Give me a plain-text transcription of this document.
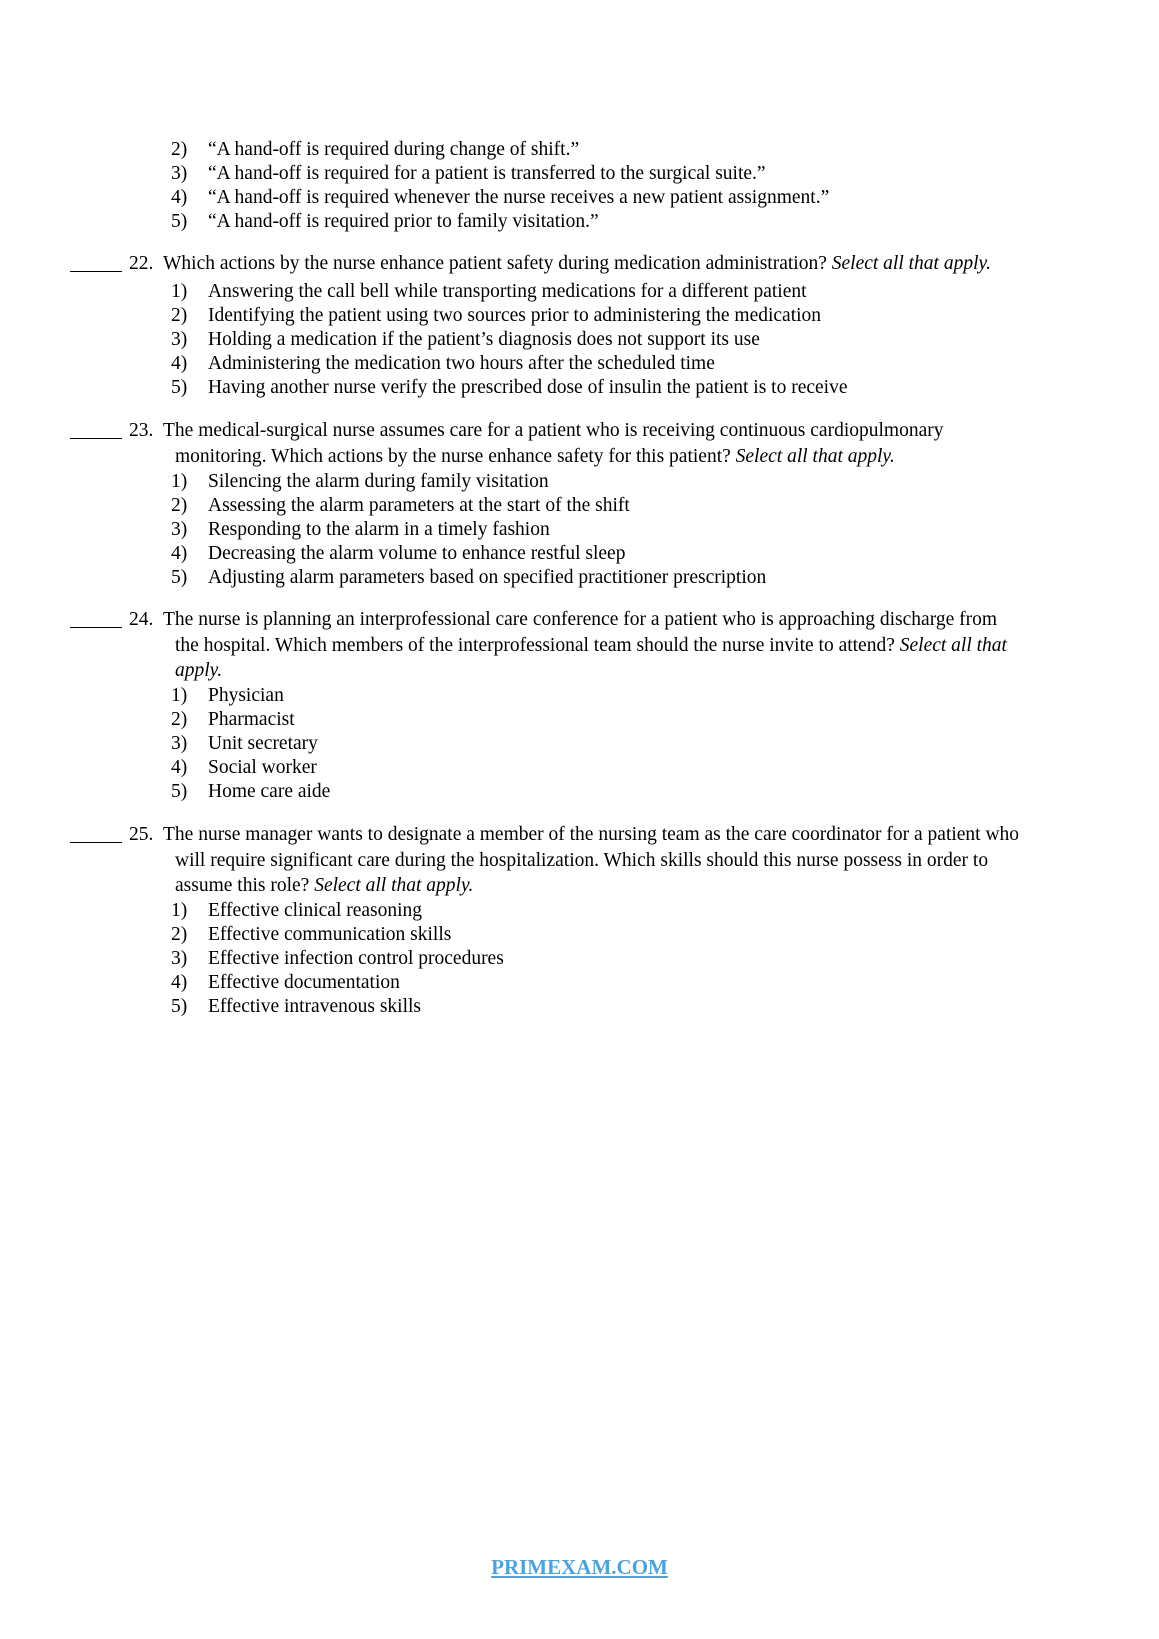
2) “A hand-off is required during change of shift.”
3) “A hand-off is required for a patient is transferred to the surgical suite.”
4) “A hand-off is required whenever the nurse receives a new patient assignment.”
5) “A hand-off is required prior to family visitation.”
22. Which actions by the nurse enhance patient safety during medication administration? Select all that apply.
1) Answering the call bell while transporting medications for a different patient
2) Identifying the patient using two sources prior to administering the medication
3) Holding a medication if the patient’s diagnosis does not support its use
4) Administering the medication two hours after the scheduled time
5) Having another nurse verify the prescribed dose of insulin the patient is to receive
23. The medical-surgical nurse assumes care for a patient who is receiving continuous cardiopulmonary
monitoring. Which actions by the nurse enhance safety for this patient? Select all that apply.
1) Silencing the alarm during family visitation
2) Assessing the alarm parameters at the start of the shift
3) Responding to the alarm in a timely fashion
4) Decreasing the alarm volume to enhance restful sleep
5) Adjusting alarm parameters based on specified practitioner prescription
24. The nurse is planning an interprofessional care conference for a patient who is approaching discharge from
the hospital. Which members of the interprofessional team should the nurse invite to attend? Select all that
apply.
1) Physician
2) Pharmacist
3) Unit secretary
4) Social worker
5) Home care aide
25. The nurse manager wants to designate a member of the nursing team as the care coordinator for a patient who
will require significant care during the hospitalization. Which skills should this nurse possess in order to
assume this role? Select all that apply.
1) Effective clinical reasoning
2) Effective communication skills
3) Effective infection control procedures
4) Effective documentation
5) Effective intravenous skills
PRIMEXAM.COM
